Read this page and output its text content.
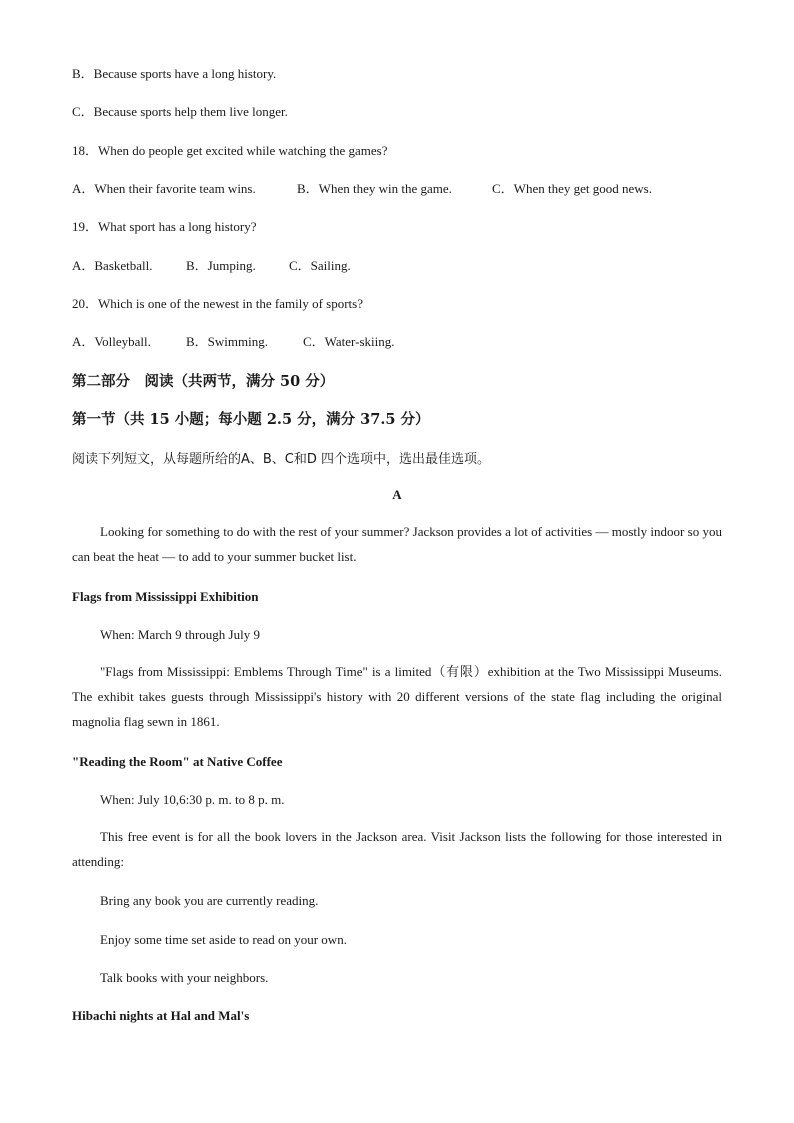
B．Because sports have a long history.
C．Because sports help them live longer.
18．When do people get excited while watching the games?
A．When their favorite team wins.	B．When they win the game.	C．When they get good news.
19．What sport has a long history?
A．Basketball.	B．Jumping.	C．Sailing.
20．Which is one of the newest in the family of sports?
A．Volleyball.	B．Swimming.	C．Water-skiing.
第二部分　阅读（共两节，满分 50 分）
第一节（共 15 小题；每小题 2.5 分，满分 37.5 分）
阅读下列短文，从每题所给的A、B、C和D 四个选项中，选出最佳选项。
A
Looking for something to do with the rest of your summer? Jackson provides a lot of activities — mostly indoor so you can beat the heat — to add to your summer bucket list.
Flags from Mississippi Exhibition
When: March 9 through July 9
"Flags from Mississippi: Emblems Through Time" is a limited（有限）exhibition at the Two Mississippi Museums. The exhibit takes guests through Mississippi's history with 20 different versions of the state flag including the original magnolia flag sewn in 1861.
"Reading the Room" at Native Coffee
When: July 10,6:30 p. m. to 8 p. m.
This free event is for all the book lovers in the Jackson area. Visit Jackson lists the following for those interested in attending:
Bring any book you are currently reading.
Enjoy some time set aside to read on your own.
Talk books with your neighbors.
Hibachi nights at Hal and Mal's
